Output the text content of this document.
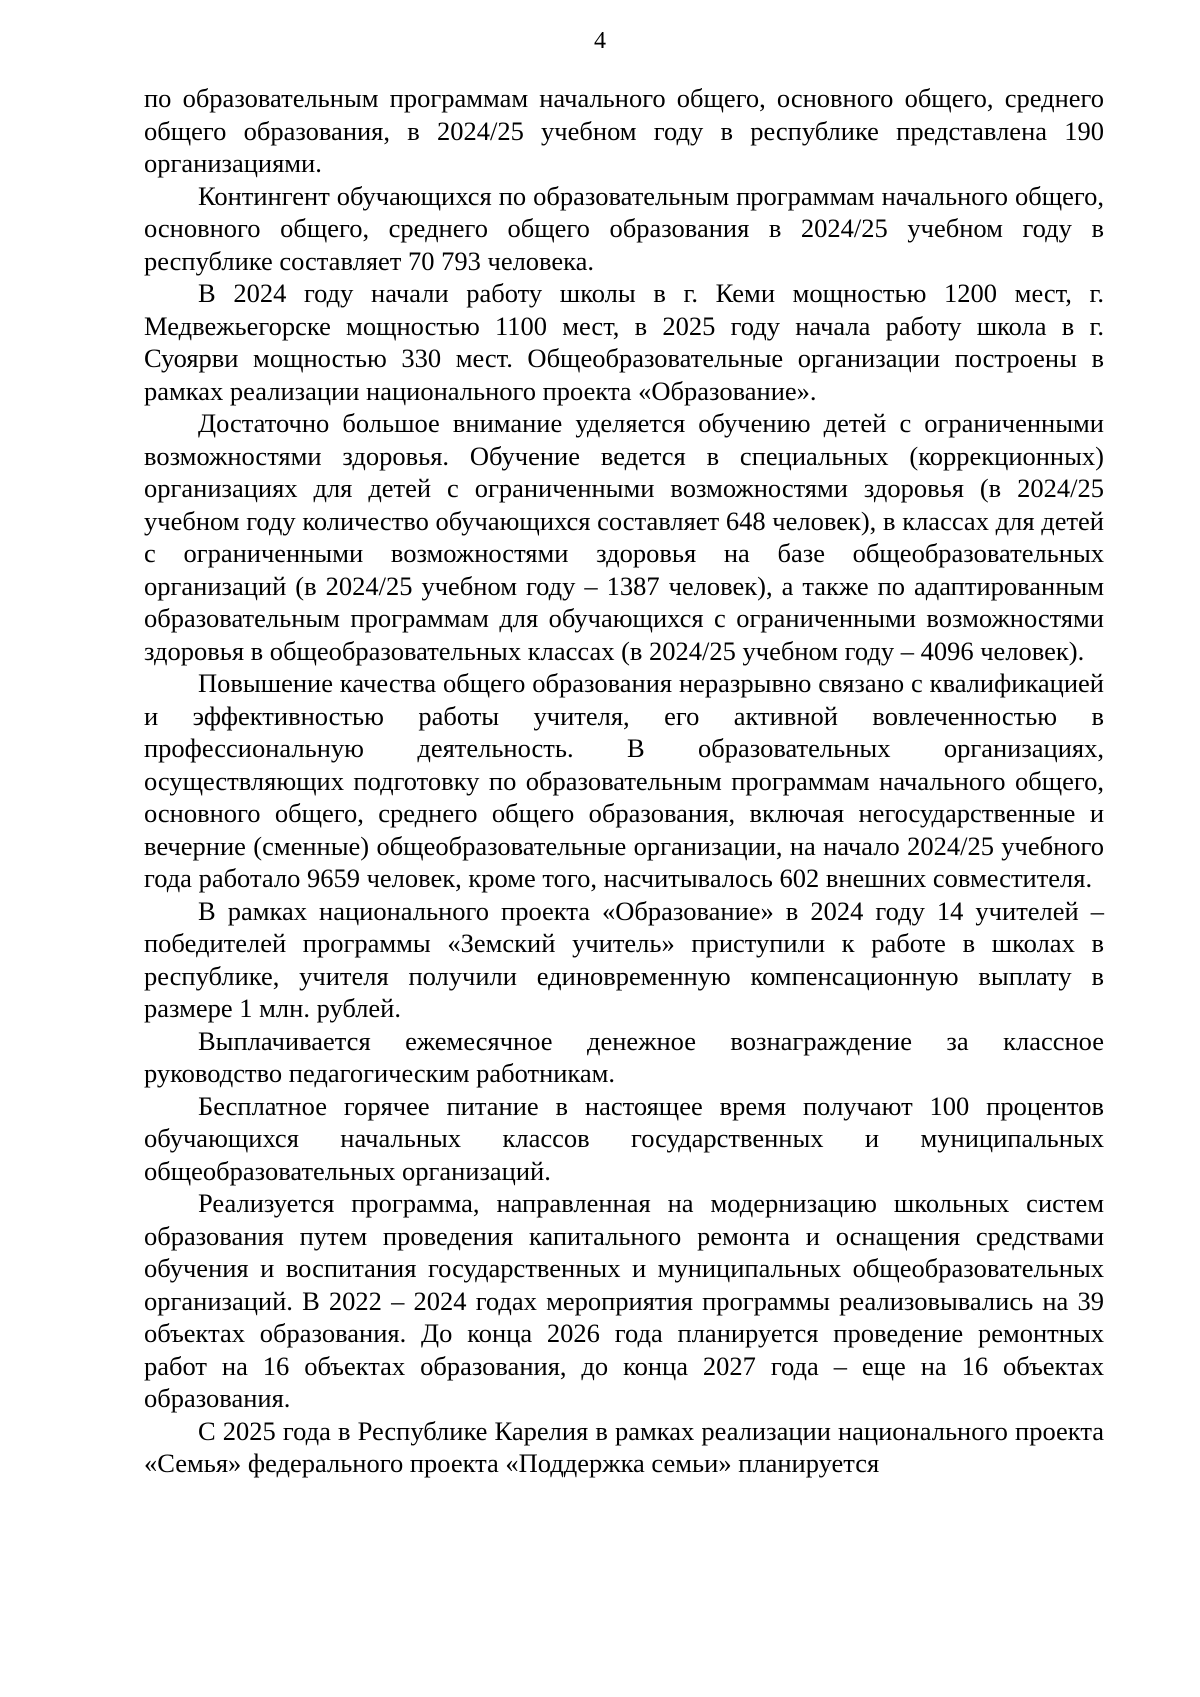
4

по образовательным программам начального общего, основного общего, среднего общего образования, в 2024/25 учебном году в республике представлена 190 организациями.

Контингент обучающихся по образовательным программам начального общего, основного общего, среднего общего образования в 2024/25 учебном году в республике составляет 70 793 человека.

В 2024 году начали работу школы в г. Кеми мощностью 1200 мест, г. Медвежьегорске мощностью 1100 мест, в 2025 году начала работу школа в г. Суоярви мощностью 330 мест. Общеобразовательные организации построены в рамках реализации национального проекта «Образование».

Достаточно большое внимание уделяется обучению детей с ограниченными возможностями здоровья. Обучение ведется в специальных (коррекционных) организациях для детей с ограниченными возможностями здоровья (в 2024/25 учебном году количество обучающихся составляет 648 человек), в классах для детей с ограниченными возможностями здоровья на базе общеобразовательных организаций (в 2024/25 учебном году – 1387 человек), а также по адаптированным образовательным программам для обучающихся с ограниченными возможностями здоровья в общеобразовательных классах (в 2024/25 учебном году – 4096 человек).

Повышение качества общего образования неразрывно связано с квалификацией и эффективностью работы учителя, его активной вовлеченностью в профессиональную деятельность. В образовательных организациях, осуществляющих подготовку по образовательным программам начального общего, основного общего, среднего общего образования, включая негосударственные и вечерние (сменные) общеобразовательные организации, на начало 2024/25 учебного года работало 9659 человек, кроме того, насчитывалось 602 внешних совместителя.

В рамках национального проекта «Образование» в 2024 году 14 учителей – победителей программы «Земский учитель» приступили к работе в школах в республике, учителя получили единовременную компенсационную выплату в размере 1 млн. рублей.

Выплачивается ежемесячное денежное вознаграждение за классное руководство педагогическим работникам.

Бесплатное горячее питание в настоящее время получают 100 процентов обучающихся начальных классов государственных и муниципальных общеобразовательных организаций.

Реализуется программа, направленная на модернизацию школьных систем образования путем проведения капитального ремонта и оснащения средствами обучения и воспитания государственных и муниципальных общеобразовательных организаций. В 2022 – 2024 годах мероприятия программы реализовывались на 39 объектах образования. До конца 2026 года планируется проведение ремонтных работ на 16 объектах образования, до конца 2027 года – еще на 16 объектах образования.

С 2025 года в Республике Карелия в рамках реализации национального проекта «Семья» федерального проекта «Поддержка семьи» планируется
